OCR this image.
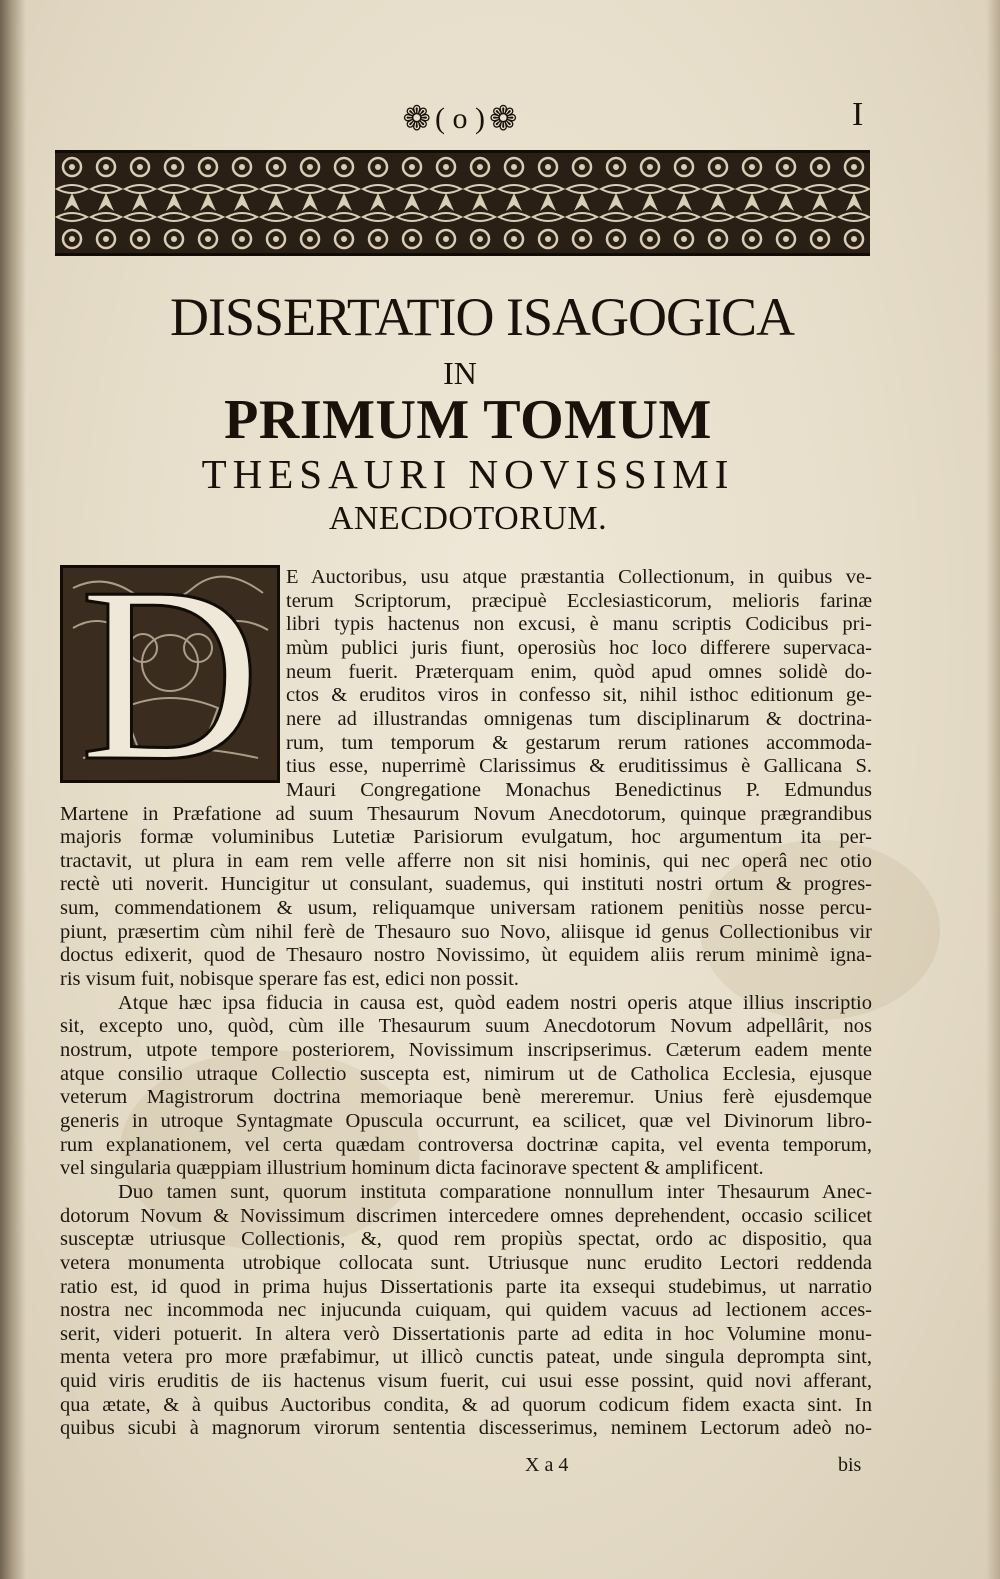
❁ ( o ) ❁	I
DISSERTATIO ISAGOGICA
IN
PRIMUM TOMUM
THESAURI NOVISSIMI
ANECDOTORUM.
D E Auctoribus, usu atque præstantia Collectionum, in quibus ve-
terum Scriptorum, præcipuè Ecclesiasticorum, melioris farinæ
libri typis hactenus non excusi, è manu scriptis Codicibus pri-
mùm publici juris fiunt, operosiùs hoc loco differere supervaca-
neum fuerit. Præterquam enim, quòd apud omnes solidè do-
ctos & eruditos viros in confesso sit, nihil isthoc editionum ge-
nere ad illustrandas omnigenas tum disciplinarum & doctrina-
rum, tum temporum & gestarum rerum rationes accommoda-
tius esse, nuperrimè Clarissimus & eruditissimus è Gallicana S.
Mauri Congregatione Monachus Benedictinus P. Edmundus
Martene in Præfatione ad suum Thesaurum Novum Anecdotorum, quinque prægrandibus
majoris formæ voluminibus Lutetiæ Parisiorum evulgatum, hoc argumentum ita per-
tractavit, ut plura in eam rem velle afferre non sit nisi hominis, qui nec operâ nec otio
rectè uti noverit. Huncigitur ut consulant, suademus, qui instituti nostri ortum & progres-
sum, commendationem & usum, reliquamque universam rationem penitiùs nosse percu-
piunt, præsertim cùm nihil ferè de Thesauro suo Novo, aliisque id genus Collectionibus vir
doctus edixerit, quod de Thesauro nostro Novissimo, ùt equidem aliis rerum minimè igna-
ris visum fuit, nobisque sperare fas est, edici non possit.
Atque hæc ipsa fiducia in causa est, quòd eadem nostri operis atque illius inscriptio
sit, excepto uno, quòd, cùm ille Thesaurum suum Anecdotorum Novum adpellârit, nos
nostrum, utpote tempore posteriorem, Novissimum inscripserimus. Cæterum eadem mente
atque consilio utraque Collectio suscepta est, nimirum ut de Catholica Ecclesia, ejusque
veterum Magistrorum doctrina memoriaque benè mereremur. Unius ferè ejusdemque
generis in utroque Syntagmate Opuscula occurrunt, ea scilicet, quæ vel Divinorum libro-
rum explanationem, vel certa quædam controversa doctrinæ capita, vel eventa temporum,
vel singularia quæppiam illustrium hominum dicta facinorave spectent & amplificent.
Duo tamen sunt, quorum instituta comparatione nonnullum inter Thesaurum Anec-
dotorum Novum & Novissimum discrimen intercedere omnes deprehendent, occasio scilicet
susceptæ utriusque Collectionis, &, quod rem propiùs spectat, ordo ac dispositio, qua
vetera monumenta utrobique collocata sunt. Utriusque nunc erudito Lectori reddenda
ratio est, id quod in prima hujus Dissertationis parte ita exsequi studebimus, ut narratio
nostra nec incommoda nec injucunda cuiquam, qui quidem vacuus ad lectionem acces-
serit, videri potuerit. In altera verò Dissertationis parte ad edita in hoc Volumine monu-
menta vetera pro more præfabimur, ut illicò cunctis pateat, unde singula deprompta sint,
quid viris eruditis de iis hactenus visum fuerit, cui usui esse possint, quid novi afferant,
qua ætate, & à quibus Auctoribus condita, & ad quorum codicum fidem exacta sint. In
quibus sicubi à magnorum virorum sententia discesserimus, neminem Lectorum adeò no-
X a 4	bis
